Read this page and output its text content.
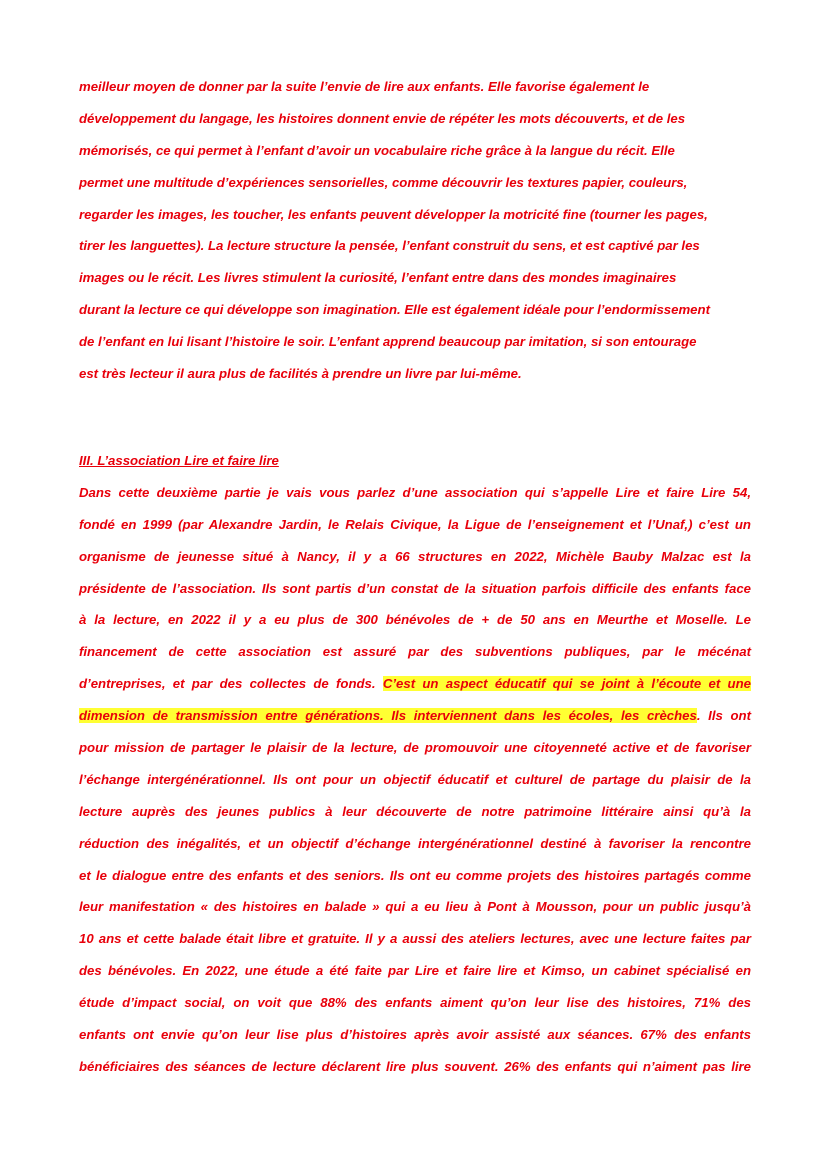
meilleur moyen de donner par la suite l’envie de lire aux enfants. Elle favorise également le
développement du langage, les histoires donnent envie de répéter les mots découverts, et de les
mémorisés, ce qui permet à l’enfant d’avoir un vocabulaire riche grâce à la langue du récit. Elle
permet une multitude d’expériences sensorielles, comme découvrir les textures papier, couleurs,
regarder les images, les toucher, les enfants peuvent développer la motricité fine (tourner les pages,
tirer les languettes). La lecture structure la pensée, l’enfant construit du sens, et est captivé par les
images ou le récit. Les livres stimulent la curiosité, l’enfant entre dans des mondes imaginaires
durant la lecture ce qui développe son imagination. Elle est également idéale pour l’endormissement
de l’enfant en lui lisant l’histoire le soir. L’enfant apprend beaucoup par imitation, si son entourage
est très lecteur il aura plus de facilités à prendre un livre par lui-même.
III. L’association Lire et faire lire
Dans cette deuxième partie je vais vous parlez d’une association qui s’appelle Lire et faire Lire 54,
fondé en 1999 (par Alexandre Jardin, le Relais Civique, la Ligue de l’enseignement et l’Unaf,) c’est un
organisme de jeunesse situé à Nancy, il y a 66 structures en 2022, Michèle Bauby Malzac est la
présidente de l’association. Ils sont partis d’un constat de la situation parfois difficile des enfants face
à la lecture, en 2022 il y a eu plus de 300 bénévoles de + de 50 ans en Meurthe et Moselle. Le
financement de cette association est assuré par des subventions publiques, par le mécénat
d’entreprises, et par des collectes de fonds. C’est un aspect éducatif qui se joint à l’écoute et une
dimension de transmission entre générations. Ils interviennent dans les écoles, les crèches. Ils ont
pour mission de partager le plaisir de la lecture, de promouvoir une citoyenneté active et de favoriser
l’échange intergénérationnel. Ils ont pour un objectif éducatif et culturel de partage du plaisir de la
lecture auprès des jeunes publics à leur découverte de notre patrimoine littéraire ainsi qu’à la
réduction des inégalités, et un objectif d’échange intergénérationnel destiné à favoriser la rencontre
et le dialogue entre des enfants et des seniors. Ils ont eu comme projets des histoires partagés comme
leur manifestation « des histoires en balade » qui a eu lieu à Pont à Mousson, pour un public jusqu’à
10 ans et cette balade était libre et gratuite. Il y a aussi des ateliers lectures, avec une lecture faites par
des bénévoles. En 2022, une étude a été faite par Lire et faire lire et Kimso, un cabinet spécialisé en
étude d’impact social, on voit que 88% des enfants aiment qu’on leur lise des histoires, 71% des
enfants ont envie qu’on leur lise plus d’histoires après avoir assisté aux séances. 67% des enfants
bénéficiaires des séances de lecture déclarent lire plus souvent. 26% des enfants qui n’aiment pas lire
